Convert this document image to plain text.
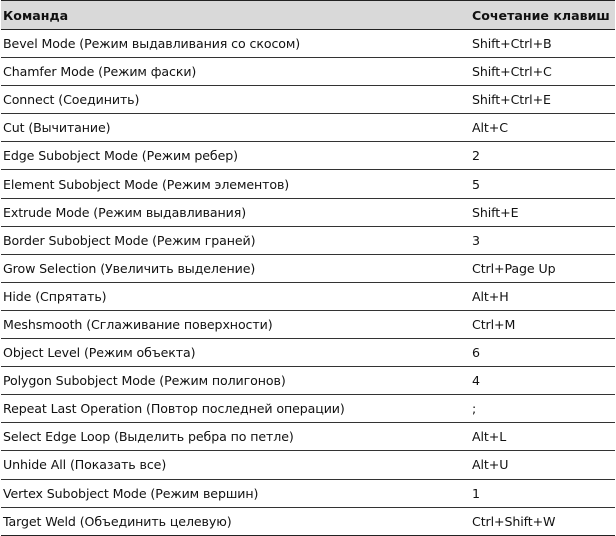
Команда	Сочетание клавиш
Bevel Mode (Режим выдавливания со скосом)	Shift+Ctrl+B
Chamfer Mode (Режим фаски)	Shift+Ctrl+C
Connect (Соединить)	Shift+Ctrl+E
Cut (Вычитание)	Alt+C
Edge Subobject Mode (Режим ребер)	2
Element Subobject Mode (Режим элементов)	5
Extrude Mode (Режим выдавливания)	Shift+E
Border Subobject Mode (Режим граней)	3
Grow Selection (Увеличить выделение)	Ctrl+Page Up
Hide (Спрятать)	Alt+H
Meshsmooth (Сглаживание поверхности)	Ctrl+M
Object Level (Режим объекта)	6
Polygon Subobject Mode (Режим полигонов)	4
Repeat Last Operation (Повтор последней операции)	;
Select Edge Loop (Выделить ребра по петле)	Alt+L
Unhide All (Показать все)	Alt+U
Vertex Subobject Mode (Режим вершин)	1
Target Weld (Объединить целевую)	Ctrl+Shift+W
